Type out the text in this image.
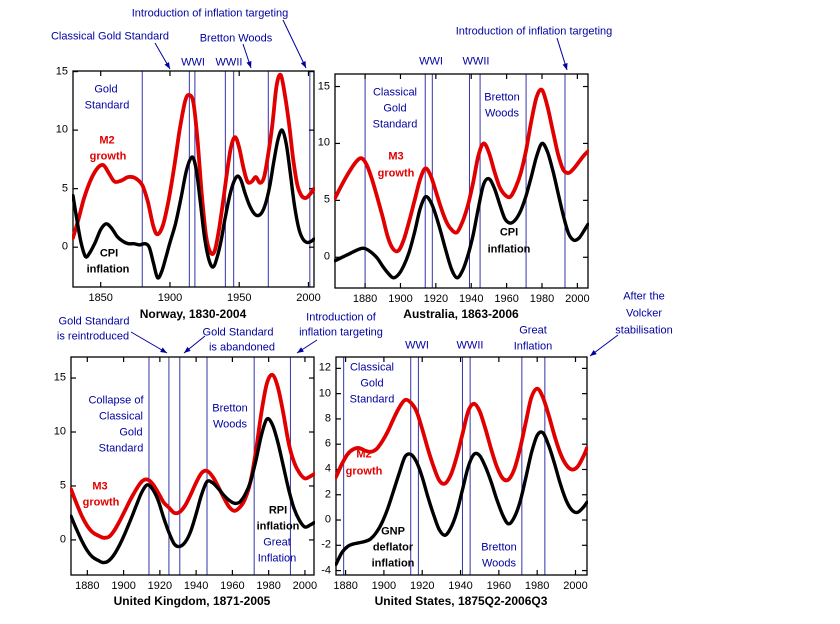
1850	1900	1950	2000
0
5
10
15
Introduction of inflation targeting
Classical Gold Standard	Bretton Woods
WWI WWII
Gold
Standard
M2
growth
CPI
inflation
Norway, 1830-2004
1880 1900 1920 1940 1960 1980 2000
0
5
10
15
Introduction of inflation targeting
WWI WWII
Classical
Gold
Standard
Bretton
Woods
M3
growth
CPI
inflation
Australia, 1863-2006
1880 1900 1920 1940 1960 1980 2000
0
5
10
15
Gold Standard
is reintroduced	Gold Standard
is abandoned
Introduction of
inflation targeting
Collapse of
Classical
Gold
Standard
Bretton
Woods
M3
growth
RPI
inflation
Great
Inflation
United Kingdom, 1871-2005
1880 1900 1920 1940 1960 1980 2000
-4
-2
0
2
4
6
8
10
12
After the
Volcker
stabilisation
Great
Inflation
WWI	WWII
Classical
Gold
Standard
M2
growth
GNP
deflator
inflation
Bretton
Woods
United States, 1875Q2-2006Q3
